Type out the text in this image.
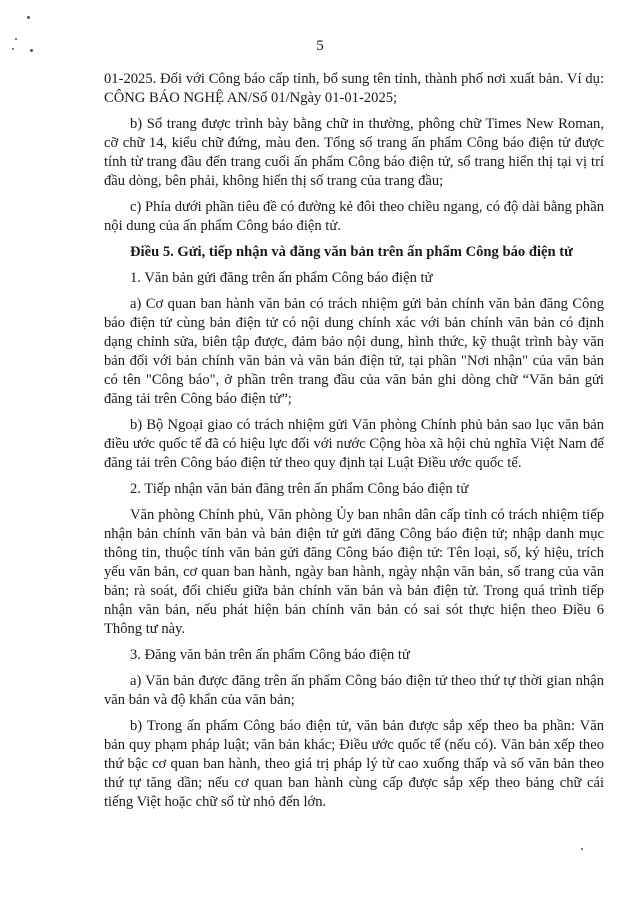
5

01-2025. Đối với Công báo cấp tỉnh, bổ sung tên tỉnh, thành phố nơi xuất bản. Ví dụ: CÔNG BÁO NGHỆ AN/Số 01/Ngày 01-01-2025;

b) Số trang được trình bày bằng chữ in thường, phông chữ Times New Roman, cỡ chữ 14, kiểu chữ đứng, màu đen. Tổng số trang ấn phẩm Công báo điện tử được tính từ trang đầu đến trang cuối ấn phẩm Công báo điện tử, số trang hiển thị tại vị trí đầu dòng, bên phải, không hiển thị số trang của trang đầu;

c) Phía dưới phần tiêu đề có đường kẻ đôi theo chiều ngang, có độ dài bằng phần nội dung của ấn phẩm Công báo điện tử.

Điều 5. Gửi, tiếp nhận và đăng văn bản trên ấn phẩm Công báo điện tử

1. Văn bản gửi đăng trên ấn phẩm Công báo điện tử

a) Cơ quan ban hành văn bản có trách nhiệm gửi bản chính văn bản đăng Công báo điện tử cùng bản điện tử có nội dung chính xác với bản chính văn bản có định dạng chỉnh sửa, biên tập được, đảm bảo nội dung, hình thức, kỹ thuật trình bày văn bản đối với bản chính văn bản và văn bản điện tử, tại phần "Nơi nhận" của văn bản có tên "Công báo", ở phần trên trang đầu của văn bản ghi dòng chữ “Văn bản gửi đăng tải trên Công báo điện tử”;

b) Bộ Ngoại giao có trách nhiệm gửi Văn phòng Chính phủ bản sao lục văn bản điều ước quốc tế đã có hiệu lực đối với nước Cộng hòa xã hội chủ nghĩa Việt Nam để đăng tải trên Công báo điện tử theo quy định tại Luật Điều ước quốc tế.

2. Tiếp nhận văn bản đăng trên ấn phẩm Công báo điện tử

Văn phòng Chính phủ, Văn phòng Ủy ban nhân dân cấp tỉnh có trách nhiệm tiếp nhận bản chính văn bản và bản điện tử gửi đăng Công báo điện tử; nhập danh mục thông tin, thuộc tính văn bản gửi đăng Công báo điện tử: Tên loại, số, ký hiệu, trích yếu văn bản, cơ quan ban hành, ngày ban hành, ngày nhận văn bản, số trang của văn bản; rà soát, đối chiếu giữa bản chính văn bản và bản điện tử. Trong quá trình tiếp nhận văn bản, nếu phát hiện bản chính văn bản có sai sót thực hiện theo Điều 6 Thông tư này.

3. Đăng văn bản trên ấn phẩm Công báo điện tử

a) Văn bản được đăng trên ấn phẩm Công báo điện tử theo thứ tự thời gian nhận văn bản và độ khẩn của văn bản;

b) Trong ấn phẩm Công báo điện tử, văn bản được sắp xếp theo ba phần: Văn bản quy phạm pháp luật; văn bản khác; Điều ước quốc tế (nếu có). Văn bản xếp theo thứ bậc cơ quan ban hành, theo giá trị pháp lý từ cao xuống thấp và số văn bản theo thứ tự tăng dần; nếu cơ quan ban hành cùng cấp được sắp xếp theo bảng chữ cái tiếng Việt hoặc chữ số từ nhỏ đến lớn.
